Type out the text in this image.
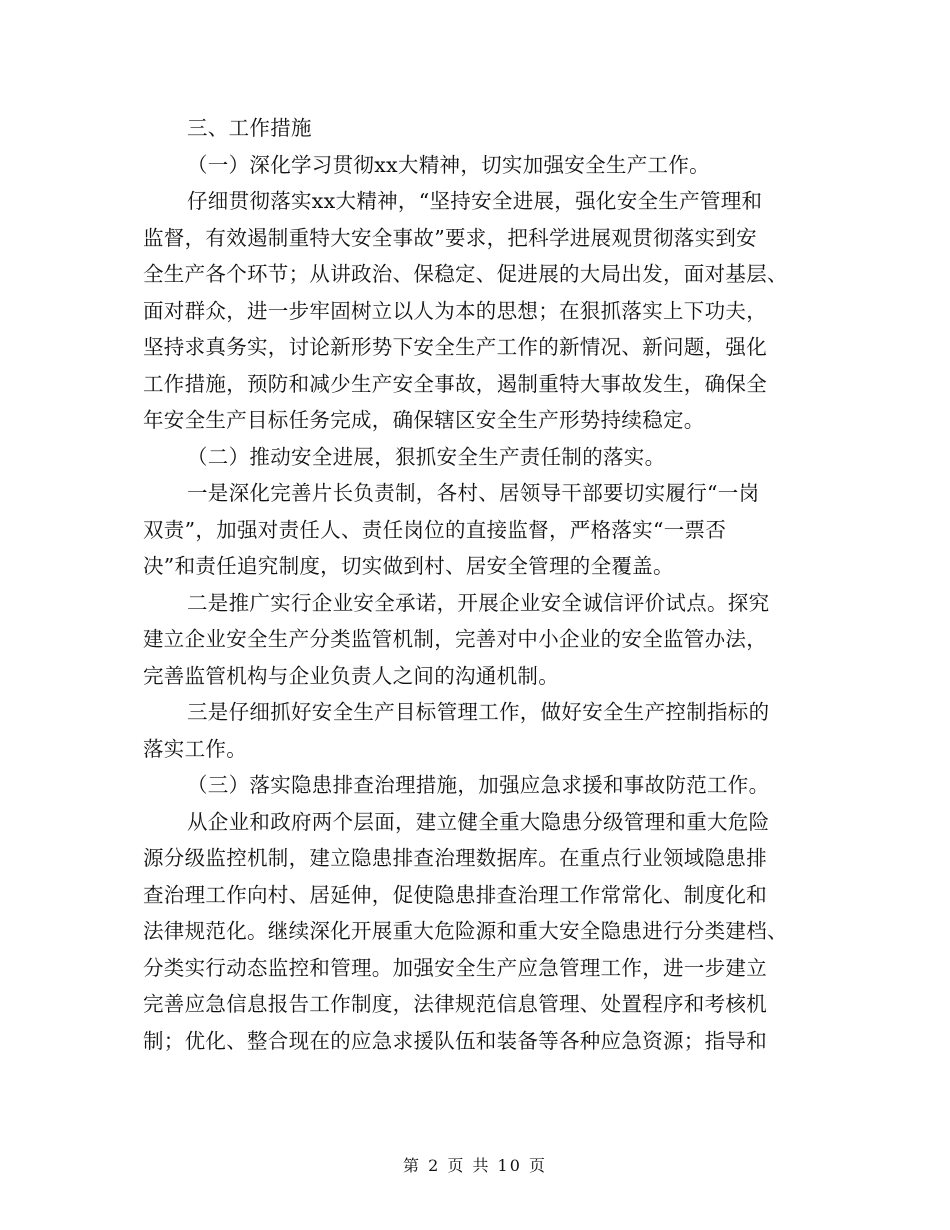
三、工作措施
（一）深化学习贯彻xx大精神，切实加强安全生产工作。
仔细贯彻落实xx大精神，“坚持安全进展，强化安全生产管理和
监督，有效遏制重特大安全事故”要求，把科学进展观贯彻落实到安
全生产各个环节；从讲政治、保稳定、促进展的大局出发，面对基层、
面对群众，进一步牢固树立以人为本的思想；在狠抓落实上下功夫，
坚持求真务实，讨论新形势下安全生产工作的新情况、新问题，强化
工作措施，预防和减少生产安全事故，遏制重特大事故发生，确保全
年安全生产目标任务完成，确保辖区安全生产形势持续稳定。
（二）推动安全进展，狠抓安全生产责任制的落实。
一是深化完善片长负责制，各村、居领导干部要切实履行“一岗
双责”，加强对责任人、责任岗位的直接监督，严格落实“一票否
决”和责任追究制度，切实做到村、居安全管理的全覆盖。
二是推广实行企业安全承诺，开展企业安全诚信评价试点。探究
建立企业安全生产分类监管机制，完善对中小企业的安全监管办法，
完善监管机构与企业负责人之间的沟通机制。
三是仔细抓好安全生产目标管理工作，做好安全生产控制指标的
落实工作。
（三）落实隐患排查治理措施，加强应急求援和事故防范工作。
从企业和政府两个层面，建立健全重大隐患分级管理和重大危险
源分级监控机制，建立隐患排查治理数据库。在重点行业领域隐患排
查治理工作向村、居延伸，促使隐患排查治理工作常常化、制度化和
法律规范化。继续深化开展重大危险源和重大安全隐患进行分类建档、
分类实行动态监控和管理。加强安全生产应急管理工作，进一步建立
完善应急信息报告工作制度，法律规范信息管理、处置程序和考核机
制；优化、整合现在的应急求援队伍和装备等各种应急资源；指导和
第 2 页 共 10 页
